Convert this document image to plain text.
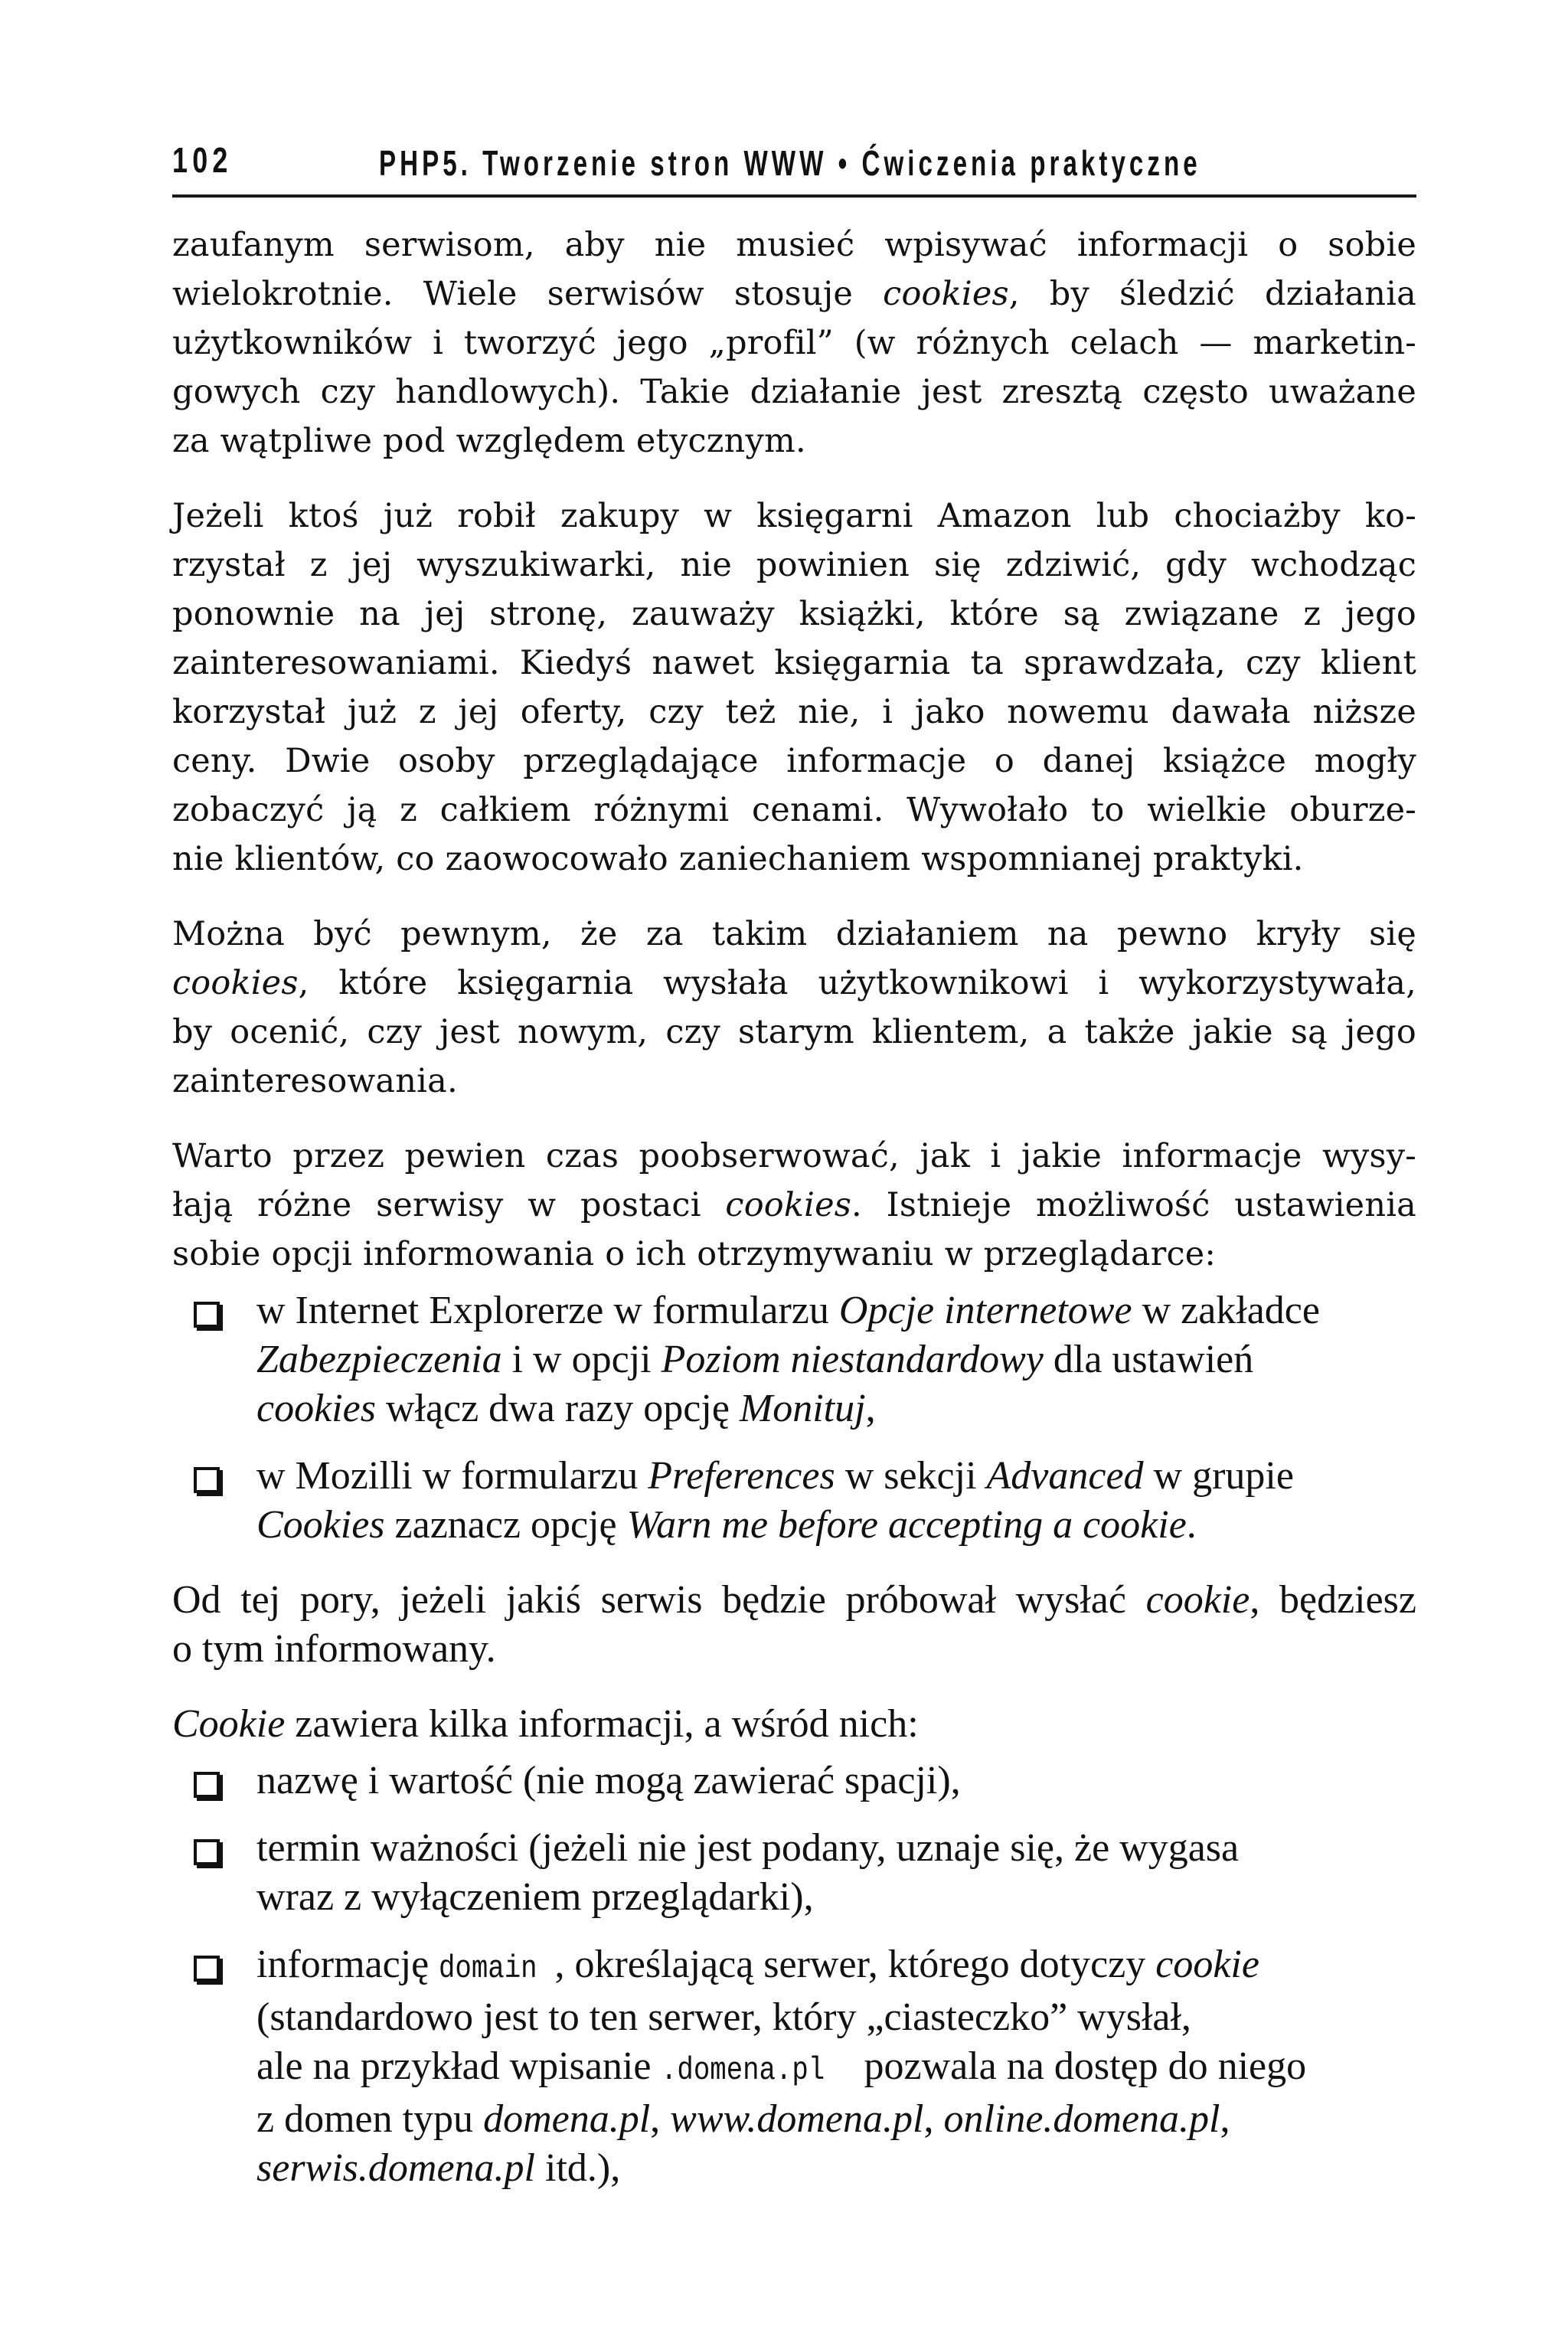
102	PHP5. Tworzenie stron WWW • Ćwiczenia praktyczne
zaufanym serwisom, aby nie musieć wpisywać informacji o sobie
wielokrotnie. Wiele serwisów stosuje cookies, by śledzić działania
użytkowników i tworzyć jego „profil” (w różnych celach — marketin-
gowych czy handlowych). Takie działanie jest zresztą często uważane
za wątpliwe pod względem etycznym.
Jeżeli ktoś już robił zakupy w księgarni Amazon lub chociażby ko-
rzystał z jej wyszukiwarki, nie powinien się zdziwić, gdy wchodząc
ponownie na jej stronę, zauważy książki, które są związane z jego
zainteresowaniami. Kiedyś nawet księgarnia ta sprawdzała, czy klient
korzystał już z jej oferty, czy też nie, i jako nowemu dawała niższe
ceny. Dwie osoby przeglądające informacje o danej książce mogły
zobaczyć ją z całkiem różnymi cenami. Wywołało to wielkie oburze-
nie klientów, co zaowocowało zaniechaniem wspomnianej praktyki.
Można być pewnym, że za takim działaniem na pewno kryły się
cookies, które księgarnia wysłała użytkownikowi i wykorzystywała,
by ocenić, czy jest nowym, czy starym klientem, a także jakie są jego
zainteresowania.
Warto przez pewien czas poobserwować, jak i jakie informacje wysy-
łają różne serwisy w postaci cookies. Istnieje możliwość ustawienia
sobie opcji informowania o ich otrzymywaniu w przeglądarce:
w Internet Explorerze w formularzu Opcje internetowe w zakładce
Zabezpieczenia i w opcji Poziom niestandardowy dla ustawień
cookies włącz dwa razy opcję Monituj,
w Mozilli w formularzu Preferences w sekcji Advanced w grupie
Cookies zaznacz opcję Warn me before accepting a cookie.
Od tej pory, jeżeli jakiś serwis będzie próbował wysłać cookie, będziesz
o tym informowany.
Cookie zawiera kilka informacji, a wśród nich:
nazwę i wartość (nie mogą zawierać spacji),
termin ważności (jeżeli nie jest podany, uznaje się, że wygasa
wraz z wyłączeniem przeglądarki),
informację domain , określającą serwer, którego dotyczy cookie
(standardowo jest to ten serwer, który „ciasteczko” wysłał,
ale na przykład wpisanie .domena.pl pozwala na dostęp do niego
z domen typu domena.pl, www.domena.pl, online.domena.pl,
serwis.domena.pl itd.),
